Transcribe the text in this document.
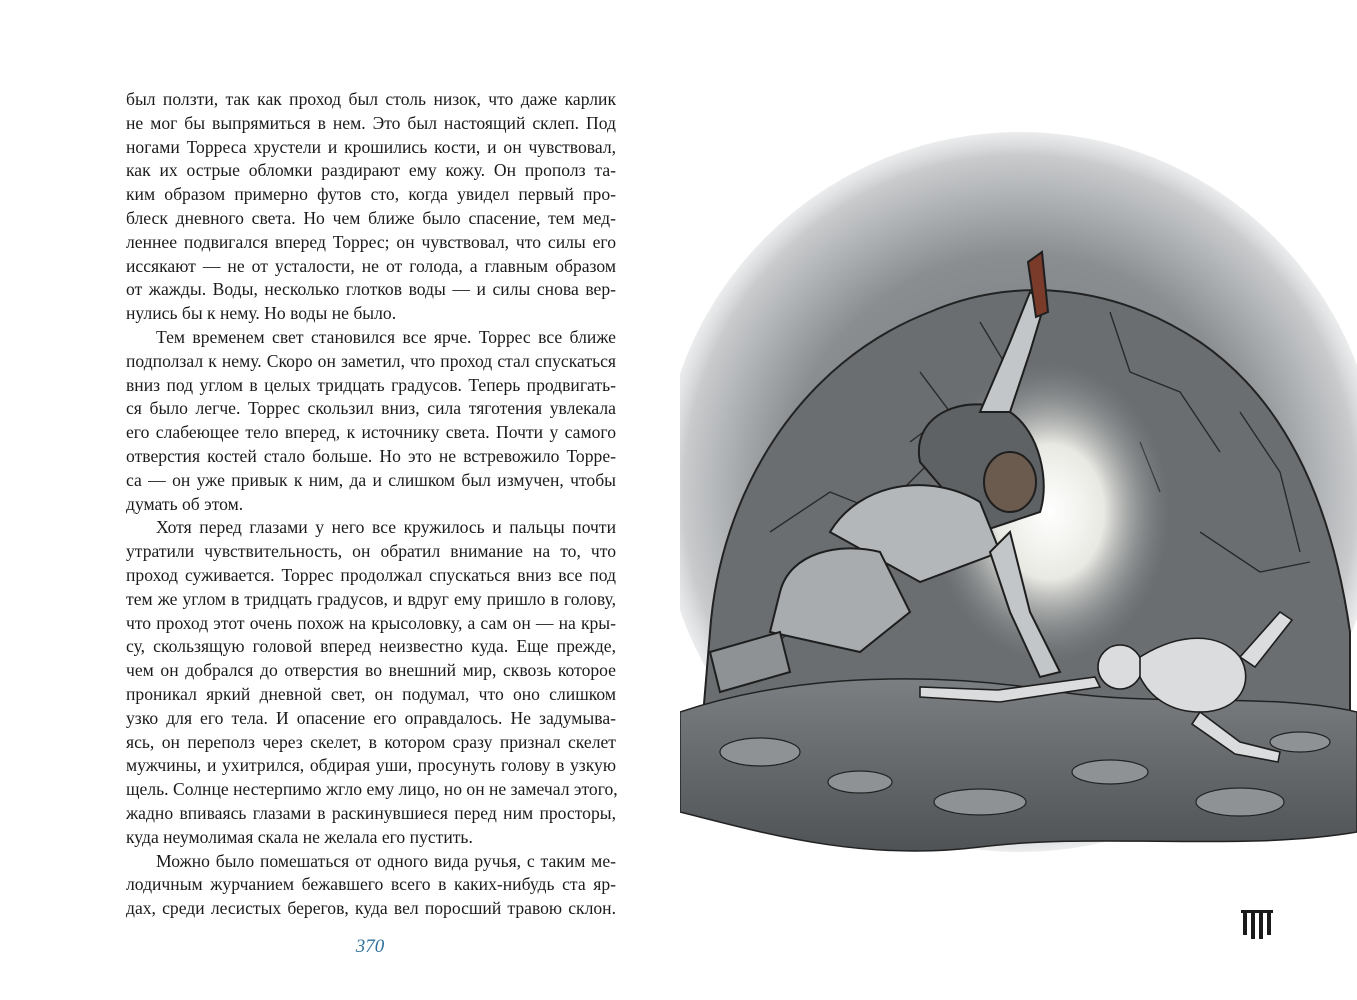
был ползти, так как проход был столь низок, что даже карлик
не мог бы выпрямиться в нем. Это был настоящий склеп. Под
ногами Торреса хрустели и крошились кости, и он чувствовал,
как их острые обломки раздирают ему кожу. Он прополз та-
ким образом примерно футов сто, когда увидел первый про-
блеск дневного света. Но чем ближе было спасение, тем мед-
леннее подвигался вперед Торрес; он чувствовал, что силы его
иссякают — не от усталости, не от голода, а главным образом
от жажды. Воды, несколько глотков воды — и силы снова вер-
нулись бы к нему. Но воды не было.
Тем временем свет становился все ярче. Торрес все ближе
подползал к нему. Скоро он заметил, что проход стал спускаться
вниз под углом в целых тридцать градусов. Теперь продвигать-
ся было легче. Торрес скользил вниз, сила тяготения увлекала
его слабеющее тело вперед, к источнику света. Почти у самого
отверстия костей стало больше. Но это не встревожило Торре-
са — он уже привык к ним, да и слишком был измучен, чтобы
думать об этом.
Хотя перед глазами у него все кружилось и пальцы почти
утратили чувствительность, он обратил внимание на то, что
проход суживается. Торрес продолжал спускаться вниз все под
тем же углом в тридцать градусов, и вдруг ему пришло в голову,
что проход этот очень похож на крысоловку, а сам он — на кры-
су, скользящую головой вперед неизвестно куда. Еще прежде,
чем он добрался до отверстия во внешний мир, сквозь которое
проникал яркий дневной свет, он подумал, что оно слишком
узко для его тела. И опасение его оправдалось. Не задумыва-
ясь, он переполз через скелет, в котором сразу признал скелет
мужчины, и ухитрился, обдирая уши, просунуть голову в узкую
щель. Солнце нестерпимо жгло ему лицо, но он не замечал этого,
жадно впиваясь глазами в раскинувшиеся перед ним просторы,
куда неумолимая скала не желала его пустить.
Можно было помешаться от одного вида ручья, с таким ме-
лодичным журчанием бежавшего всего в каких-нибудь ста яр-
дах, среди лесистых берегов, куда вел поросший травою склон.
370
